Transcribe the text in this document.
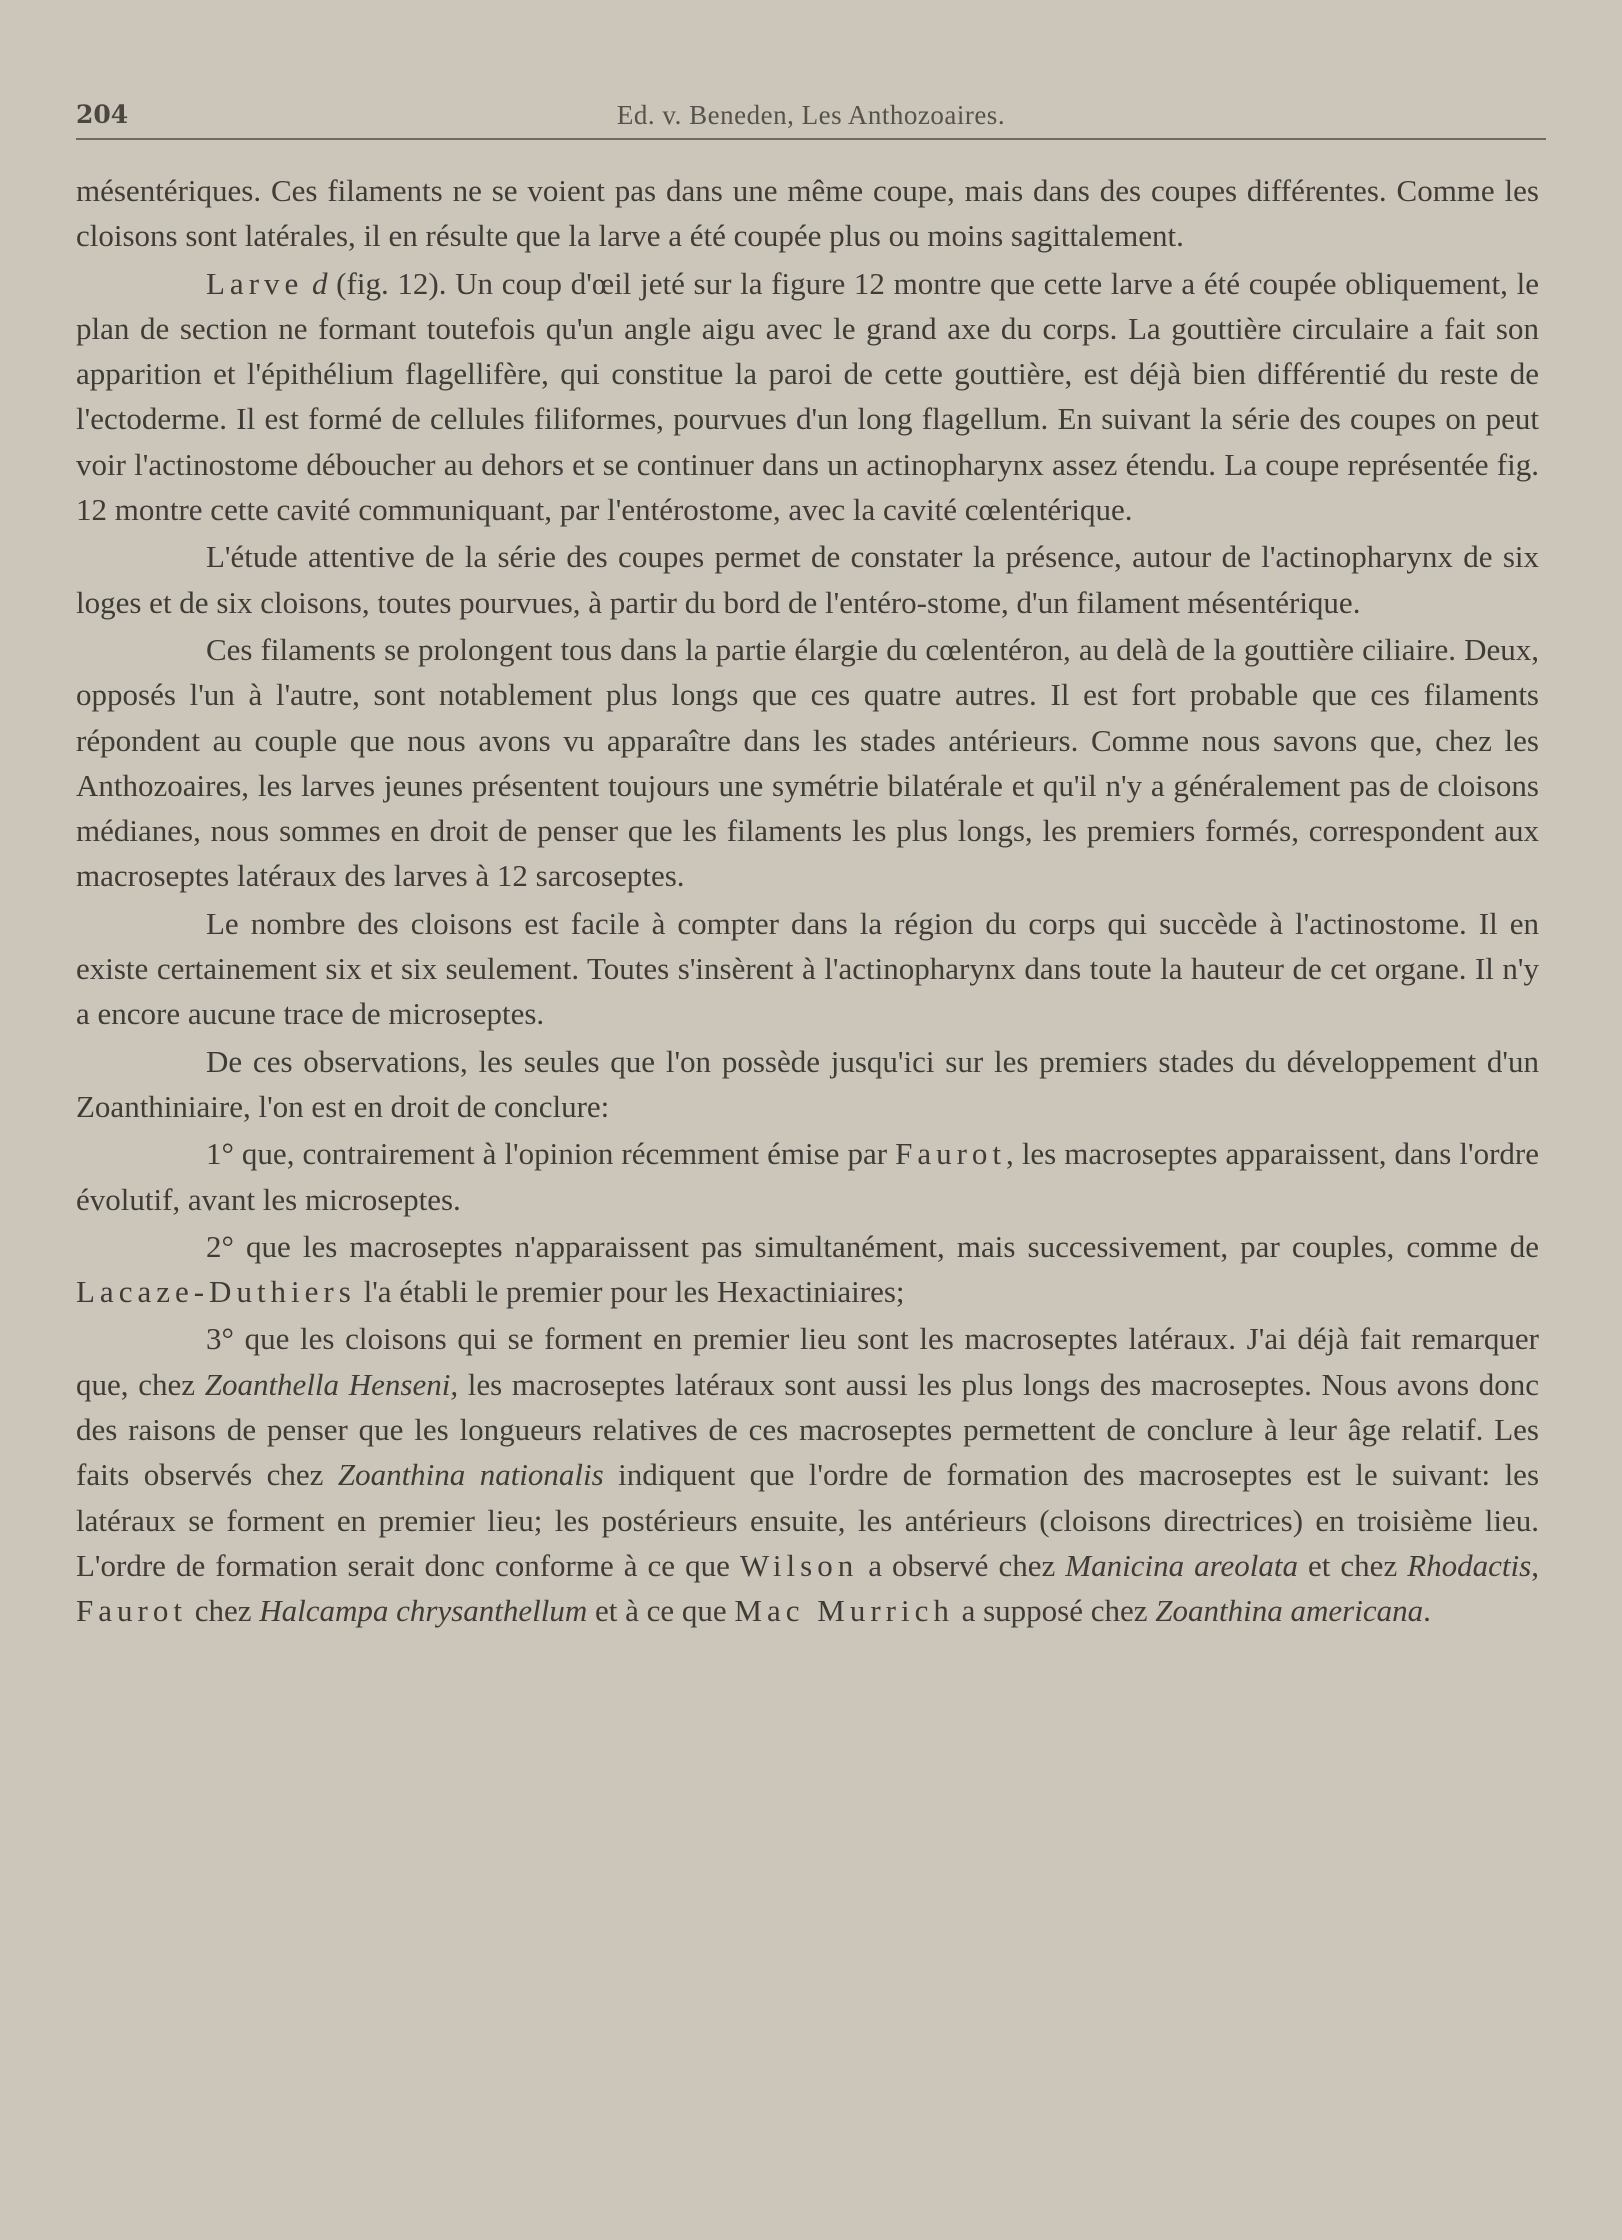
204	Ed. v. Beneden, Les Anthozoaires.

mésentériques. Ces filaments ne se voient pas dans une même coupe, mais dans des coupes différentes. Comme les cloisons sont latérales, il en résulte que la larve a été coupée plus ou moins sagittalement.

Larve d (fig. 12). Un coup d'œil jeté sur la figure 12 montre que cette larve a été coupée obliquement, le plan de section ne formant toutefois qu'un angle aigu avec le grand axe du corps. La gouttière circulaire a fait son apparition et l'épithélium flagellifère, qui constitue la paroi de cette gouttière, est déjà bien différentié du reste de l'ectoderme. Il est formé de cellules filiformes, pourvues d'un long flagellum. En suivant la série des coupes on peut voir l'actinostome déboucher au dehors et se continuer dans un actinopharynx assez étendu. La coupe représentée fig. 12 montre cette cavité communiquant, par l'entérostome, avec la cavité cœlentérique.

L'étude attentive de la série des coupes permet de constater la présence, autour de l'actinopharynx de six loges et de six cloisons, toutes pourvues, à partir du bord de l'entéro-stome, d'un filament mésentérique.

Ces filaments se prolongent tous dans la partie élargie du cœlentéron, au delà de la gouttière ciliaire. Deux, opposés l'un à l'autre, sont notablement plus longs que ces quatre autres. Il est fort probable que ces filaments répondent au couple que nous avons vu apparaître dans les stades antérieurs. Comme nous savons que, chez les Anthozoaires, les larves jeunes présentent toujours une symétrie bilatérale et qu'il n'y a généralement pas de cloisons médianes, nous sommes en droit de penser que les filaments les plus longs, les premiers formés, correspondent aux macroseptes latéraux des larves à 12 sarcoseptes.

Le nombre des cloisons est facile à compter dans la région du corps qui succède à l'actinostome. Il en existe certainement six et six seulement. Toutes s'insèrent à l'actinopharynx dans toute la hauteur de cet organe. Il n'y a encore aucune trace de microseptes.

De ces observations, les seules que l'on possède jusqu'ici sur les premiers stades du développement d'un Zoanthiniaire, l'on est en droit de conclure:

1° que, contrairement à l'opinion récemment émise par Faurot, les macroseptes apparaissent, dans l'ordre évolutif, avant les microseptes.

2° que les macroseptes n'apparaissent pas simultanément, mais successivement, par couples, comme de Lacaze-Duthiers l'a établi le premier pour les Hexactiniaires;

3° que les cloisons qui se forment en premier lieu sont les macroseptes latéraux. J'ai déjà fait remarquer que, chez Zoanthella Henseni, les macroseptes latéraux sont aussi les plus longs des macroseptes. Nous avons donc des raisons de penser que les longueurs relatives de ces macroseptes permettent de conclure à leur âge relatif. Les faits observés chez Zoanthina nationalis indiquent que l'ordre de formation des macroseptes est le suivant: les latéraux se forment en premier lieu; les postérieurs ensuite, les antérieurs (cloisons directrices) en troisième lieu. L'ordre de formation serait donc conforme à ce que Wilson a observé chez Manicina areolata et chez Rhodactis, Faurot chez Halcampa chrysanthellum et à ce que Mac Murrich a supposé chez Zoanthina americana.
